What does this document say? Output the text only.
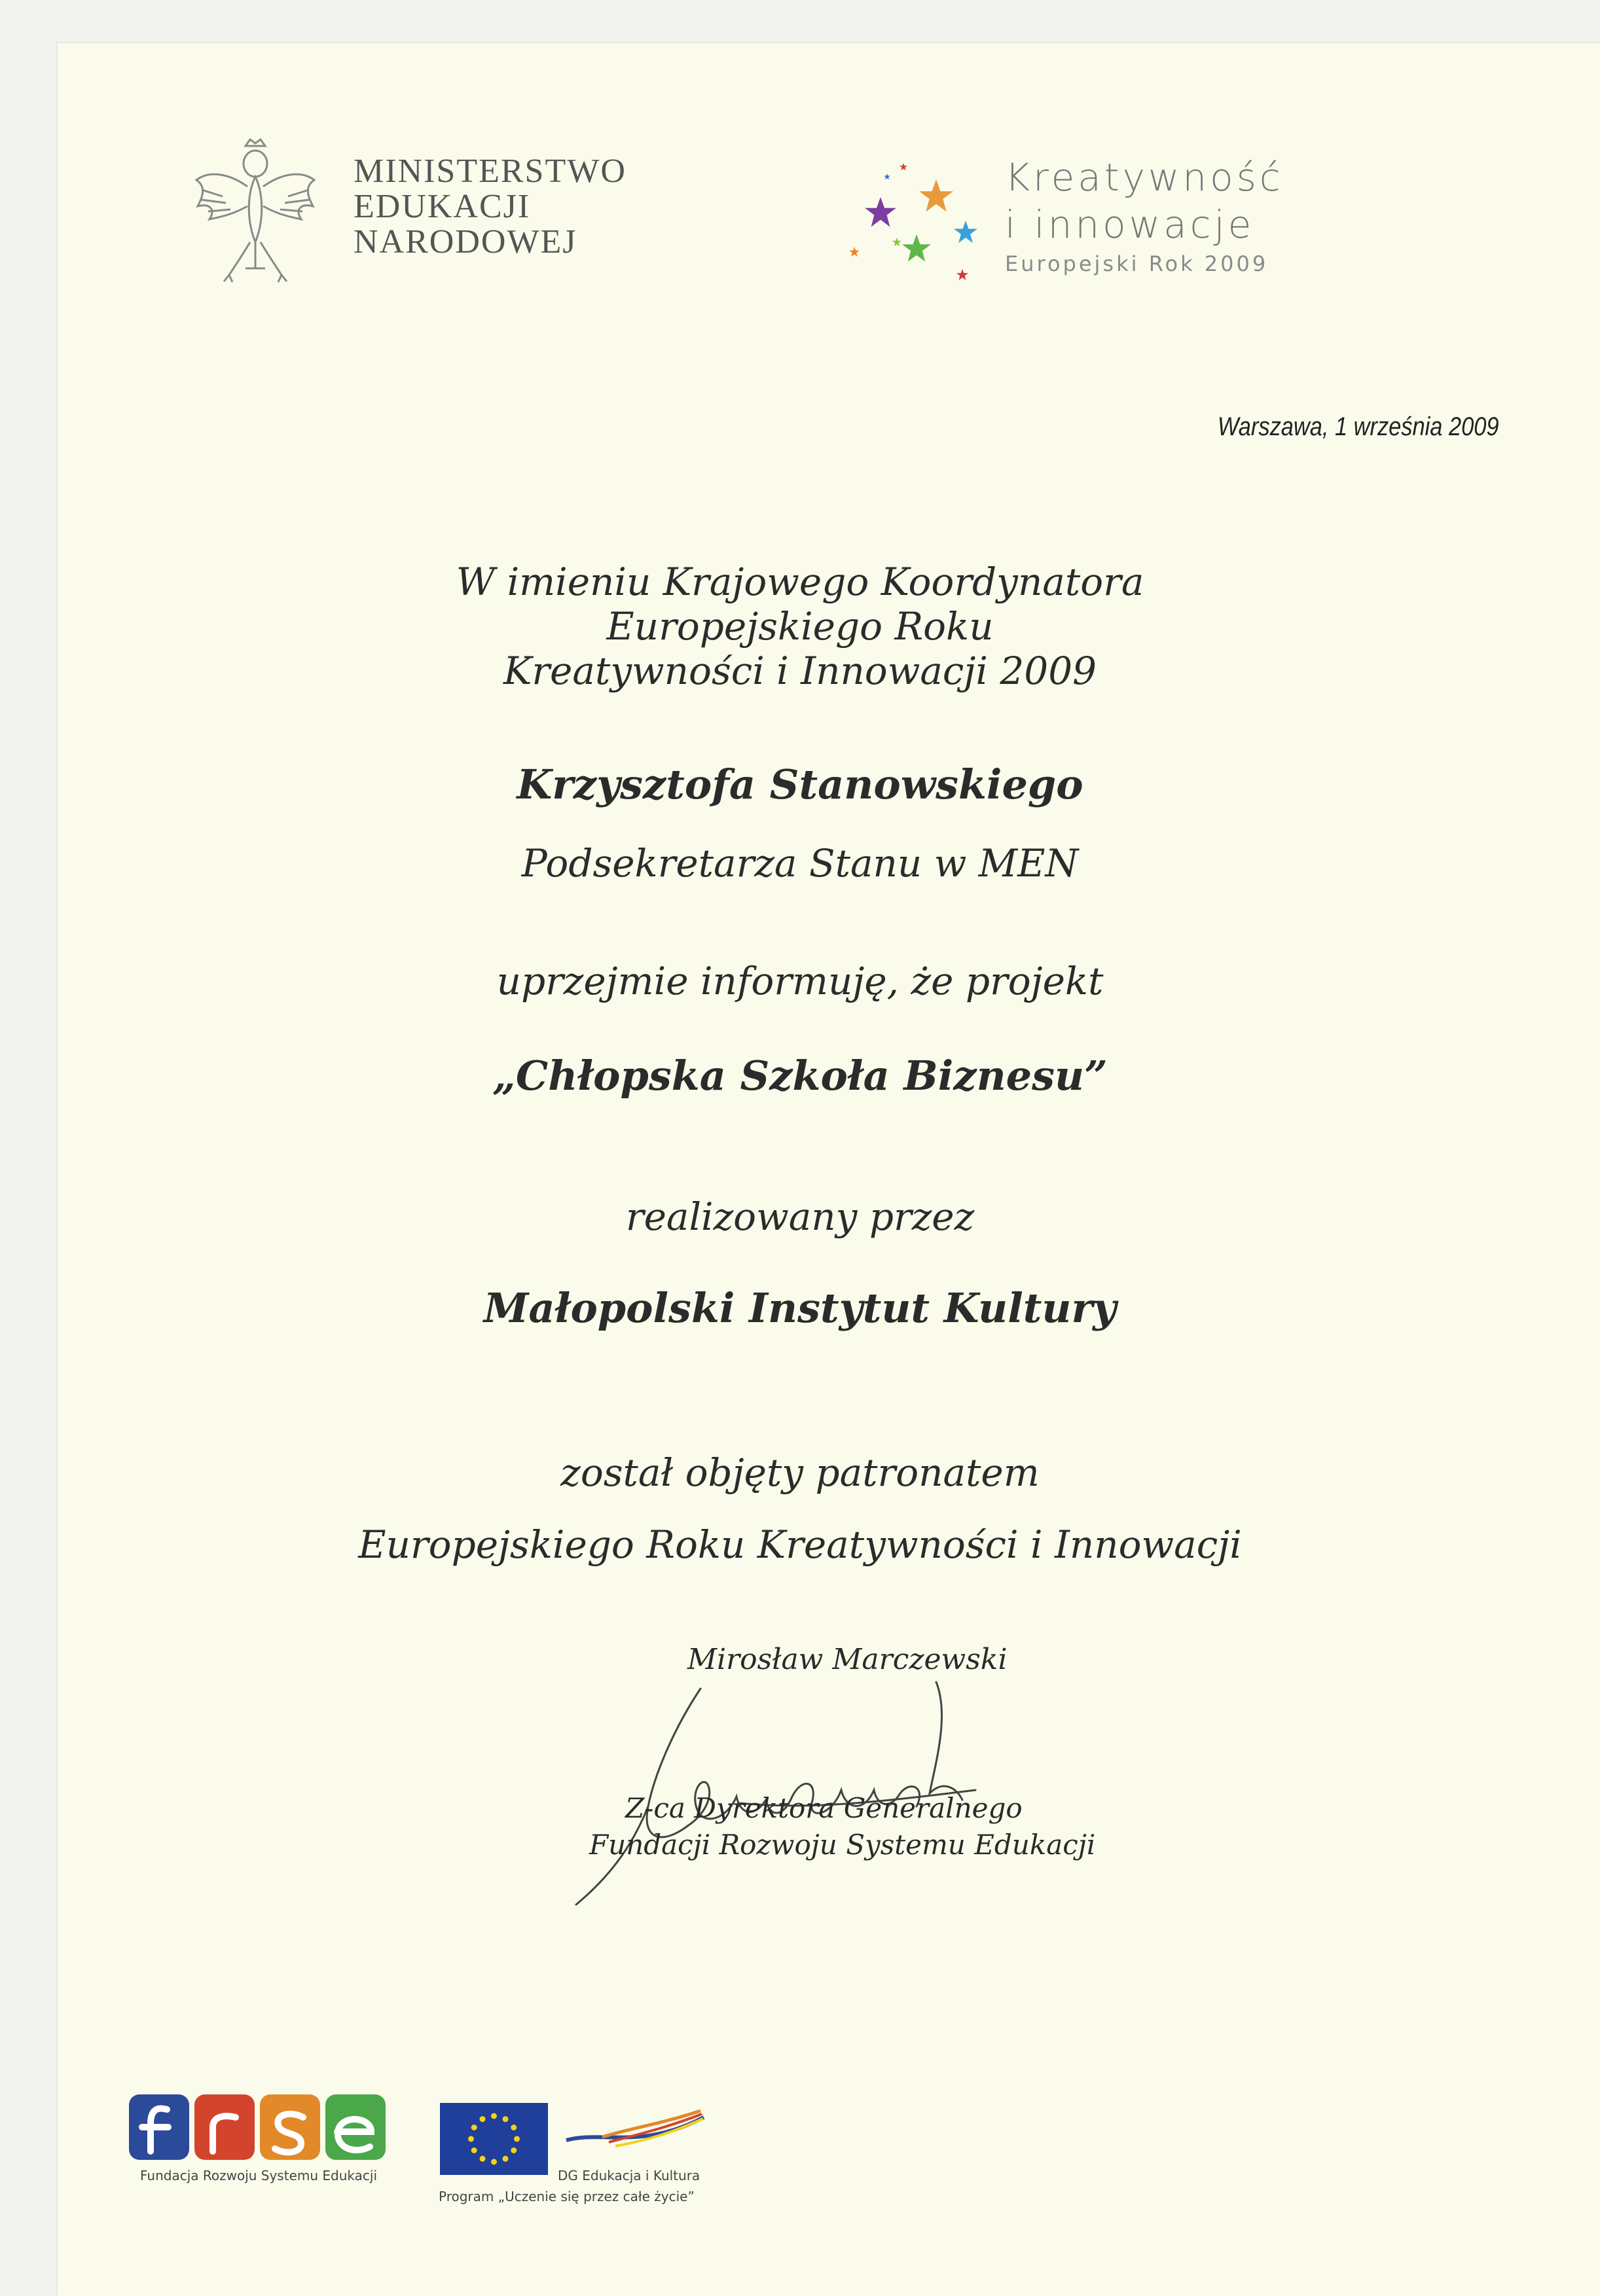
MINISTERSTWO
EDUKACJI
NARODOWEJ
Kreatywność
i innowacje
Europejski Rok 2009
Warszawa, 1 września 2009
W imieniu Krajowego Koordynatora
Europejskiego Roku
Kreatywności i Innowacji 2009
Krzysztofa Stanowskiego
Podsekretarza Stanu w MEN
uprzejmie informuję, że projekt
„Chłopska Szkoła Biznesu”
realizowany przez
Małopolski Instytut Kultury
został objęty patronatem
Europejskiego Roku Kreatywności i Innowacji
Mirosław Marczewski
Z-ca Dyrektora Generalnego
Fundacji Rozwoju Systemu Edukacji
Fundacja Rozwoju Systemu Edukacji	DG Edukacja i Kultura
Program „Uczenie się przez całe życie”
